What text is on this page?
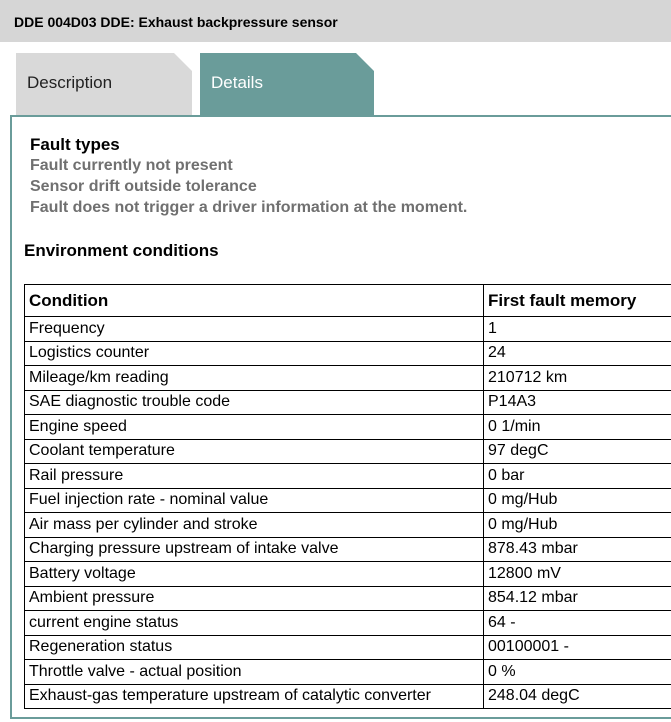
DDE 004D03 DDE: Exhaust backpressure sensor
Description	Details
Fault types
Fault currently not present
Sensor drift outside tolerance
Fault does not trigger a driver information at the moment.
Environment conditions
Condition	First fault memory
Frequency	1
Logistics counter	24
Mileage/km reading	210712 km
SAE diagnostic trouble code	P14A3
Engine speed	0 1/min
Coolant temperature	97 degC
Rail pressure	0 bar
Fuel injection rate - nominal value	0 mg/Hub
Air mass per cylinder and stroke	0 mg/Hub
Charging pressure upstream of intake valve	878.43 mbar
Battery voltage	12800 mV
Ambient pressure	854.12 mbar
current engine status	64 -
Regeneration status	00100001 -
Throttle valve - actual position	0 %
Exhaust-gas temperature upstream of catalytic converter	248.04 degC
